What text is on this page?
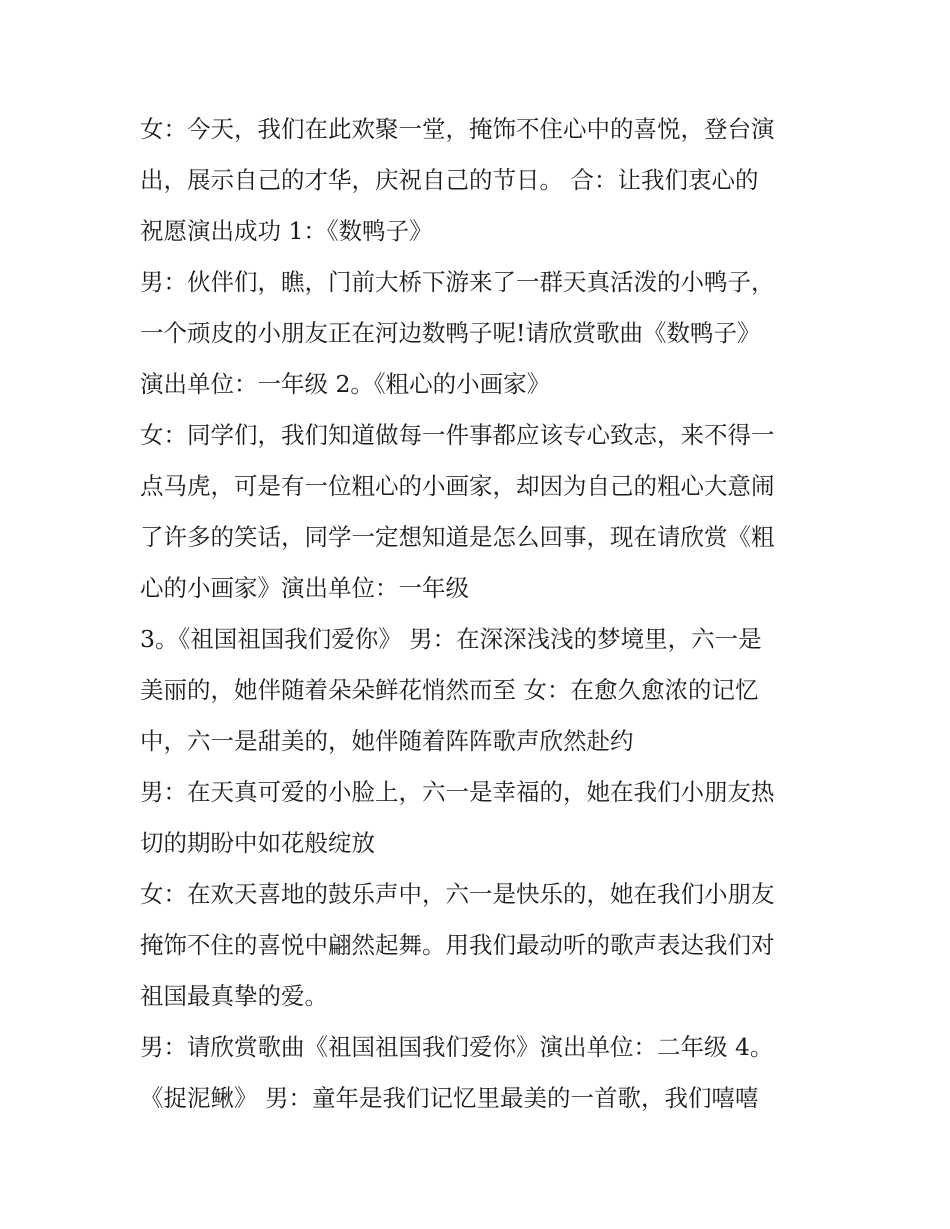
女：今天，我们在此欢聚一堂，掩饰不住心中的喜悦，登台演
出，展示自己的才华，庆祝自己的节日。 合：让我们衷心的
祝愿演出成功 1：《数鸭子》
男：伙伴们，瞧，门前大桥下游来了一群天真活泼的小鸭子，
一个顽皮的小朋友正在河边数鸭子呢!请欣赏歌曲《数鸭子》
演出单位：一年级 2。《粗心的小画家》
女：同学们，我们知道做每一件事都应该专心致志，来不得一
点马虎，可是有一位粗心的小画家，却因为自己的粗心大意闹
了许多的笑话，同学一定想知道是怎么回事，现在请欣赏《粗
心的小画家》演出单位：一年级
3。《祖国祖国我们爱你》 男：在深深浅浅的梦境里，六一是
美丽的，她伴随着朵朵鲜花悄然而至 女：在愈久愈浓的记忆
中，六一是甜美的，她伴随着阵阵歌声欣然赴约
男：在天真可爱的小脸上，六一是幸福的，她在我们小朋友热
切的期盼中如花般绽放
女：在欢天喜地的鼓乐声中，六一是快乐的，她在我们小朋友
掩饰不住的喜悦中翩然起舞。用我们最动听的歌声表达我们对
祖国最真挚的爱。
男：请欣赏歌曲《祖国祖国我们爱你》演出单位：二年级 4。
《捉泥鳅》 男：童年是我们记忆里最美的一首歌，我们嘻嘻
